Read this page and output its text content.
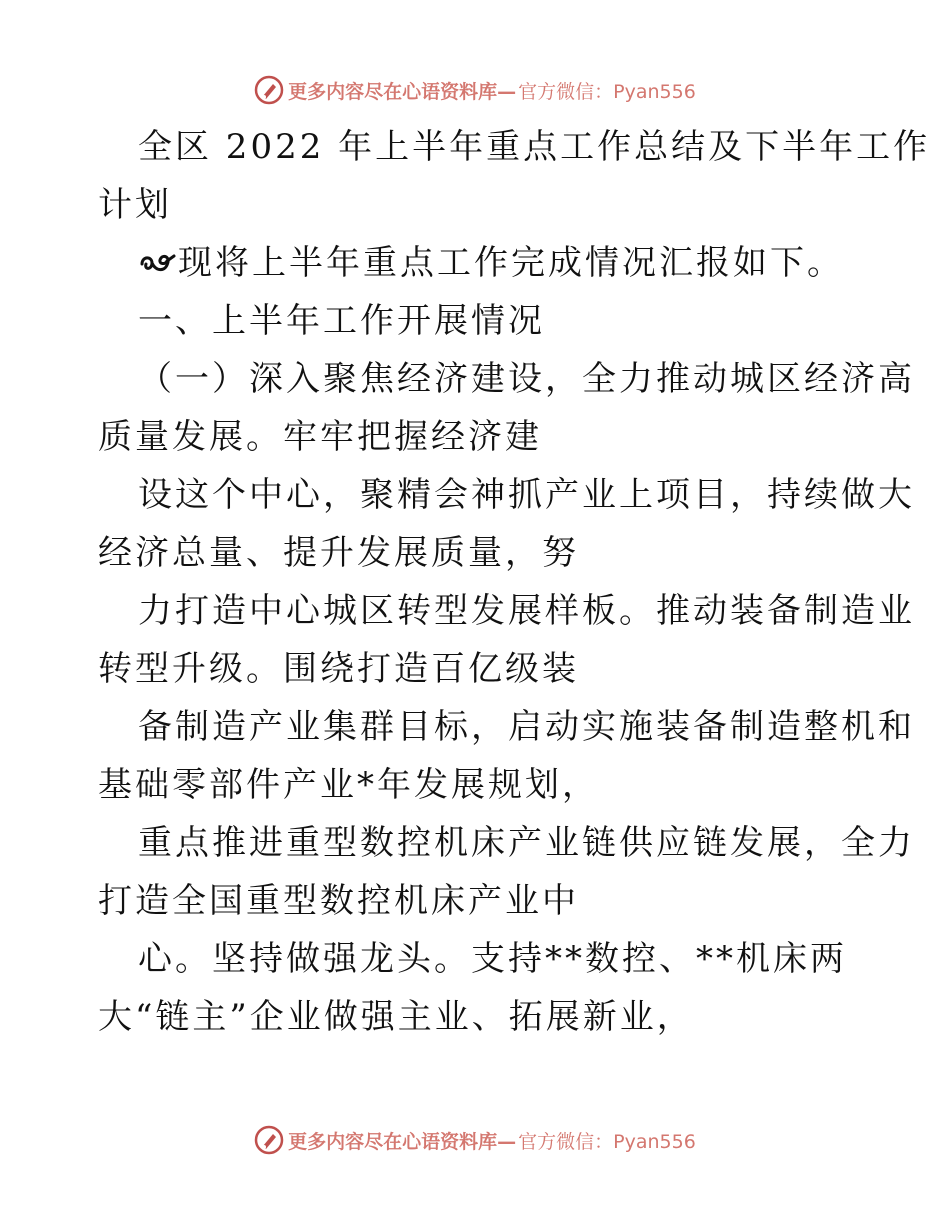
更多内容尽在心语资料库— 官方微信：Pyan556
全区 2022 年上半年重点工作总结及下半年工作
计划
现将上半年重点工作完成情况汇报如下。
一、上半年工作开展情况
（一）深入聚焦经济建设，全力推动城区经济高
质量发展。牢牢把握经济建
设这个中心，聚精会神抓产业上项目，持续做大
经济总量、提升发展质量，努
力打造中心城区转型发展样板。推动装备制造业
转型升级。围绕打造百亿级装
备制造产业集群目标，启动实施装备制造整机和
基础零部件产业*年发展规划，
重点推进重型数控机床产业链供应链发展，全力
打造全国重型数控机床产业中
心。坚持做强龙头。支持**数控、**机床两
大“链主”企业做强主业、拓展新业，
更多内容尽在心语资料库— 官方微信：Pyan556
